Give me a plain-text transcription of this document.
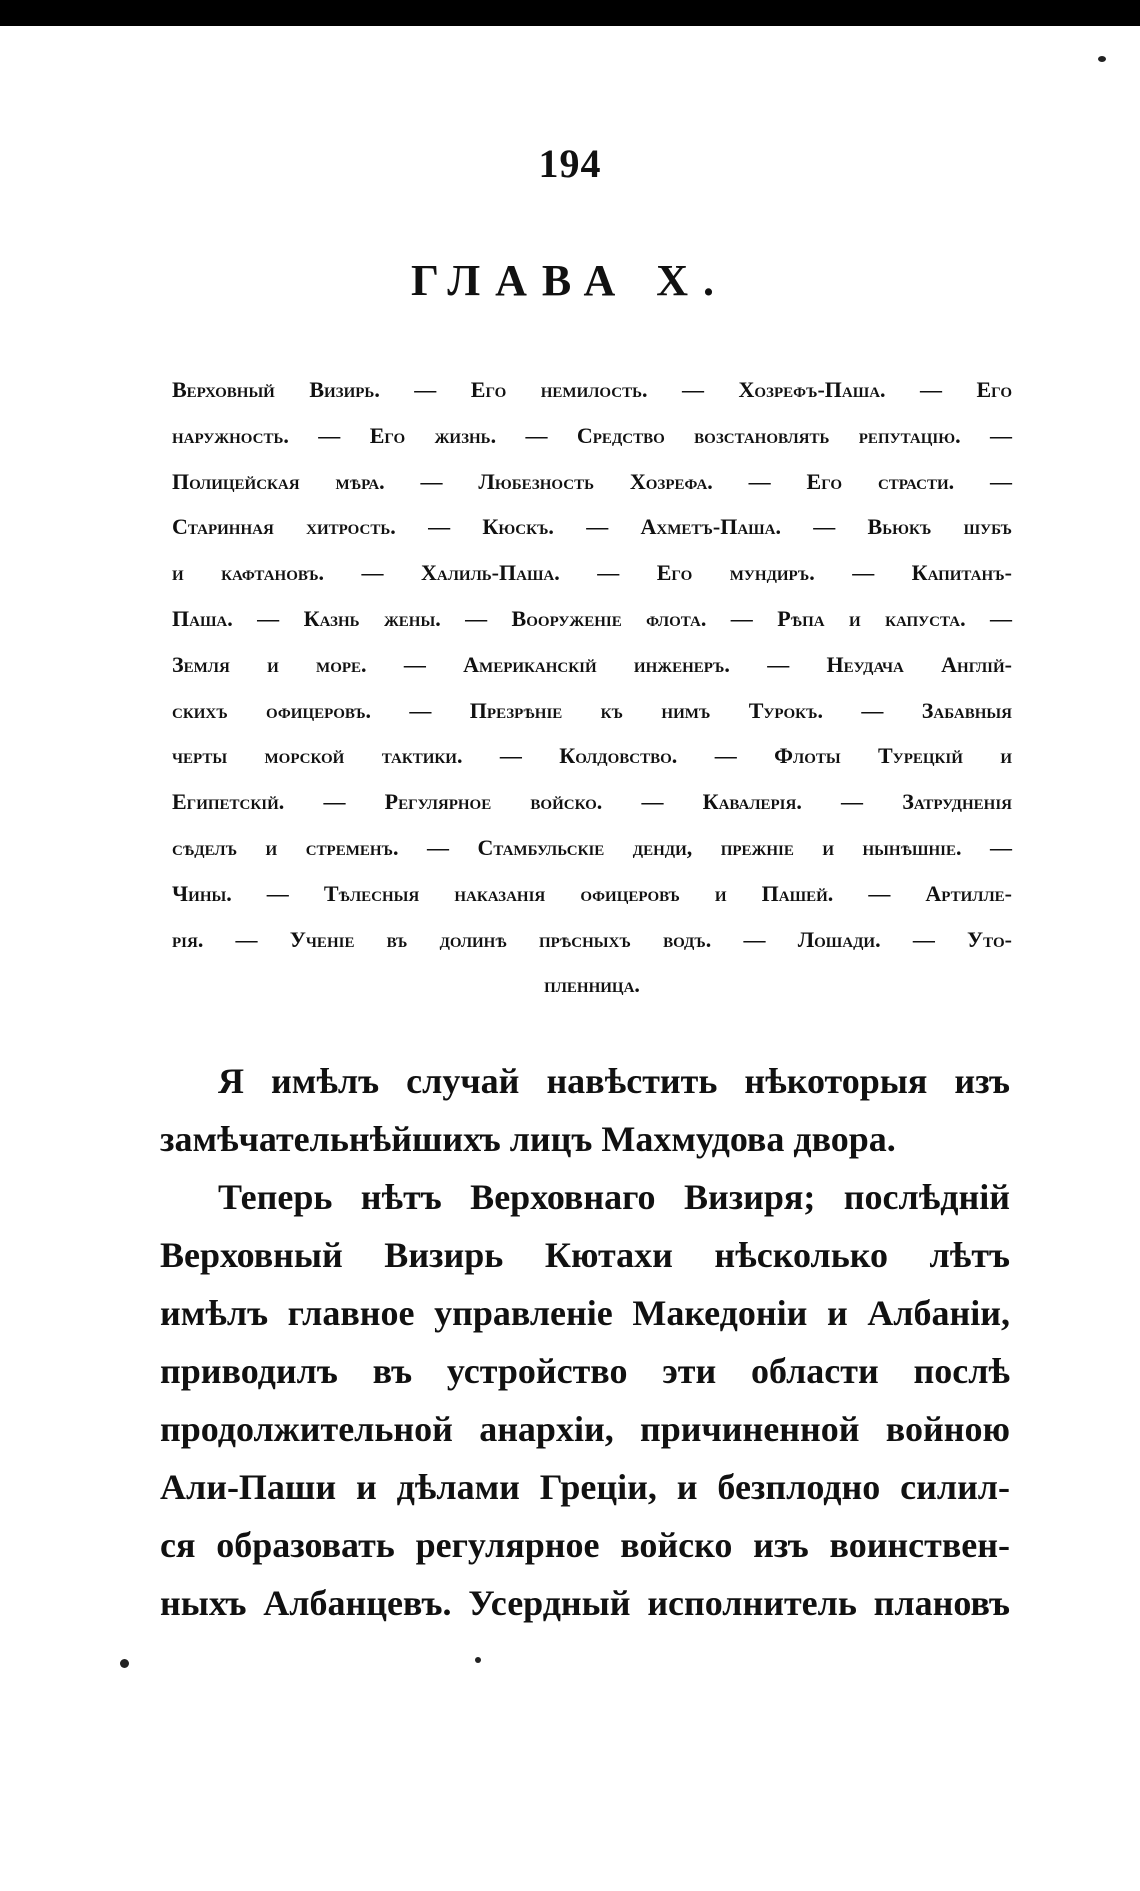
194
ГЛАВА X.
Верховный Визирь. — Его немилость. — Хозрефъ-Паша. — Его
наружность. — Его жизнь. — Средство возстановлять репутацію. —
Полицейская мѣра. — Любезность Хозрефа. — Его страсти. —
Старинная хитрость. — Кюскъ. — Ахметъ-Паша. — Вьюкъ шубъ
и кафтановъ. — Халиль-Паша. — Его мундиръ. — Капитанъ-
Паша. — Казнь жены. — Вооруженіе флота. — Рѣпа и капуста. —
Земля и море. — Американскій инженеръ. — Неудача Англій-
скихъ офицеровъ. — Презрѣніе къ нимъ Турокъ. — Забавныя
черты морской тактики. — Колдовство. — Флоты Турецкій и
Египетскій. — Регулярное войско. — Кавалерія. — Затрудненія
сѣделъ и стременъ. — Стамбульскіе денди, прежніе и нынѣшніе. —
Чины. — Тѣлесныя наказанія офицеровъ и Пашей. — Артилле-
рія. — Ученіе въ долинѣ прѣсныхъ водъ. — Лошади. — Уто-
пленница.
Я имѣлъ случай навѣстить нѣкоторыя изъ
замѣчательнѣйшихъ лицъ Махмудова двора.
Теперь нѣтъ Верховнаго Визиря; послѣдній
Верховный Визирь Кютахи нѣсколько лѣтъ
имѣлъ главное управленіе Македоніи и Албаніи,
приводилъ въ устройство эти области послѣ
продолжительной анархіи, причиненной войною
Али-Паши и дѣлами Греціи, и безплодно силил-
ся образовать регулярное войско изъ воинствен-
ныхъ Албанцевъ. Усердный исполнитель плановъ
